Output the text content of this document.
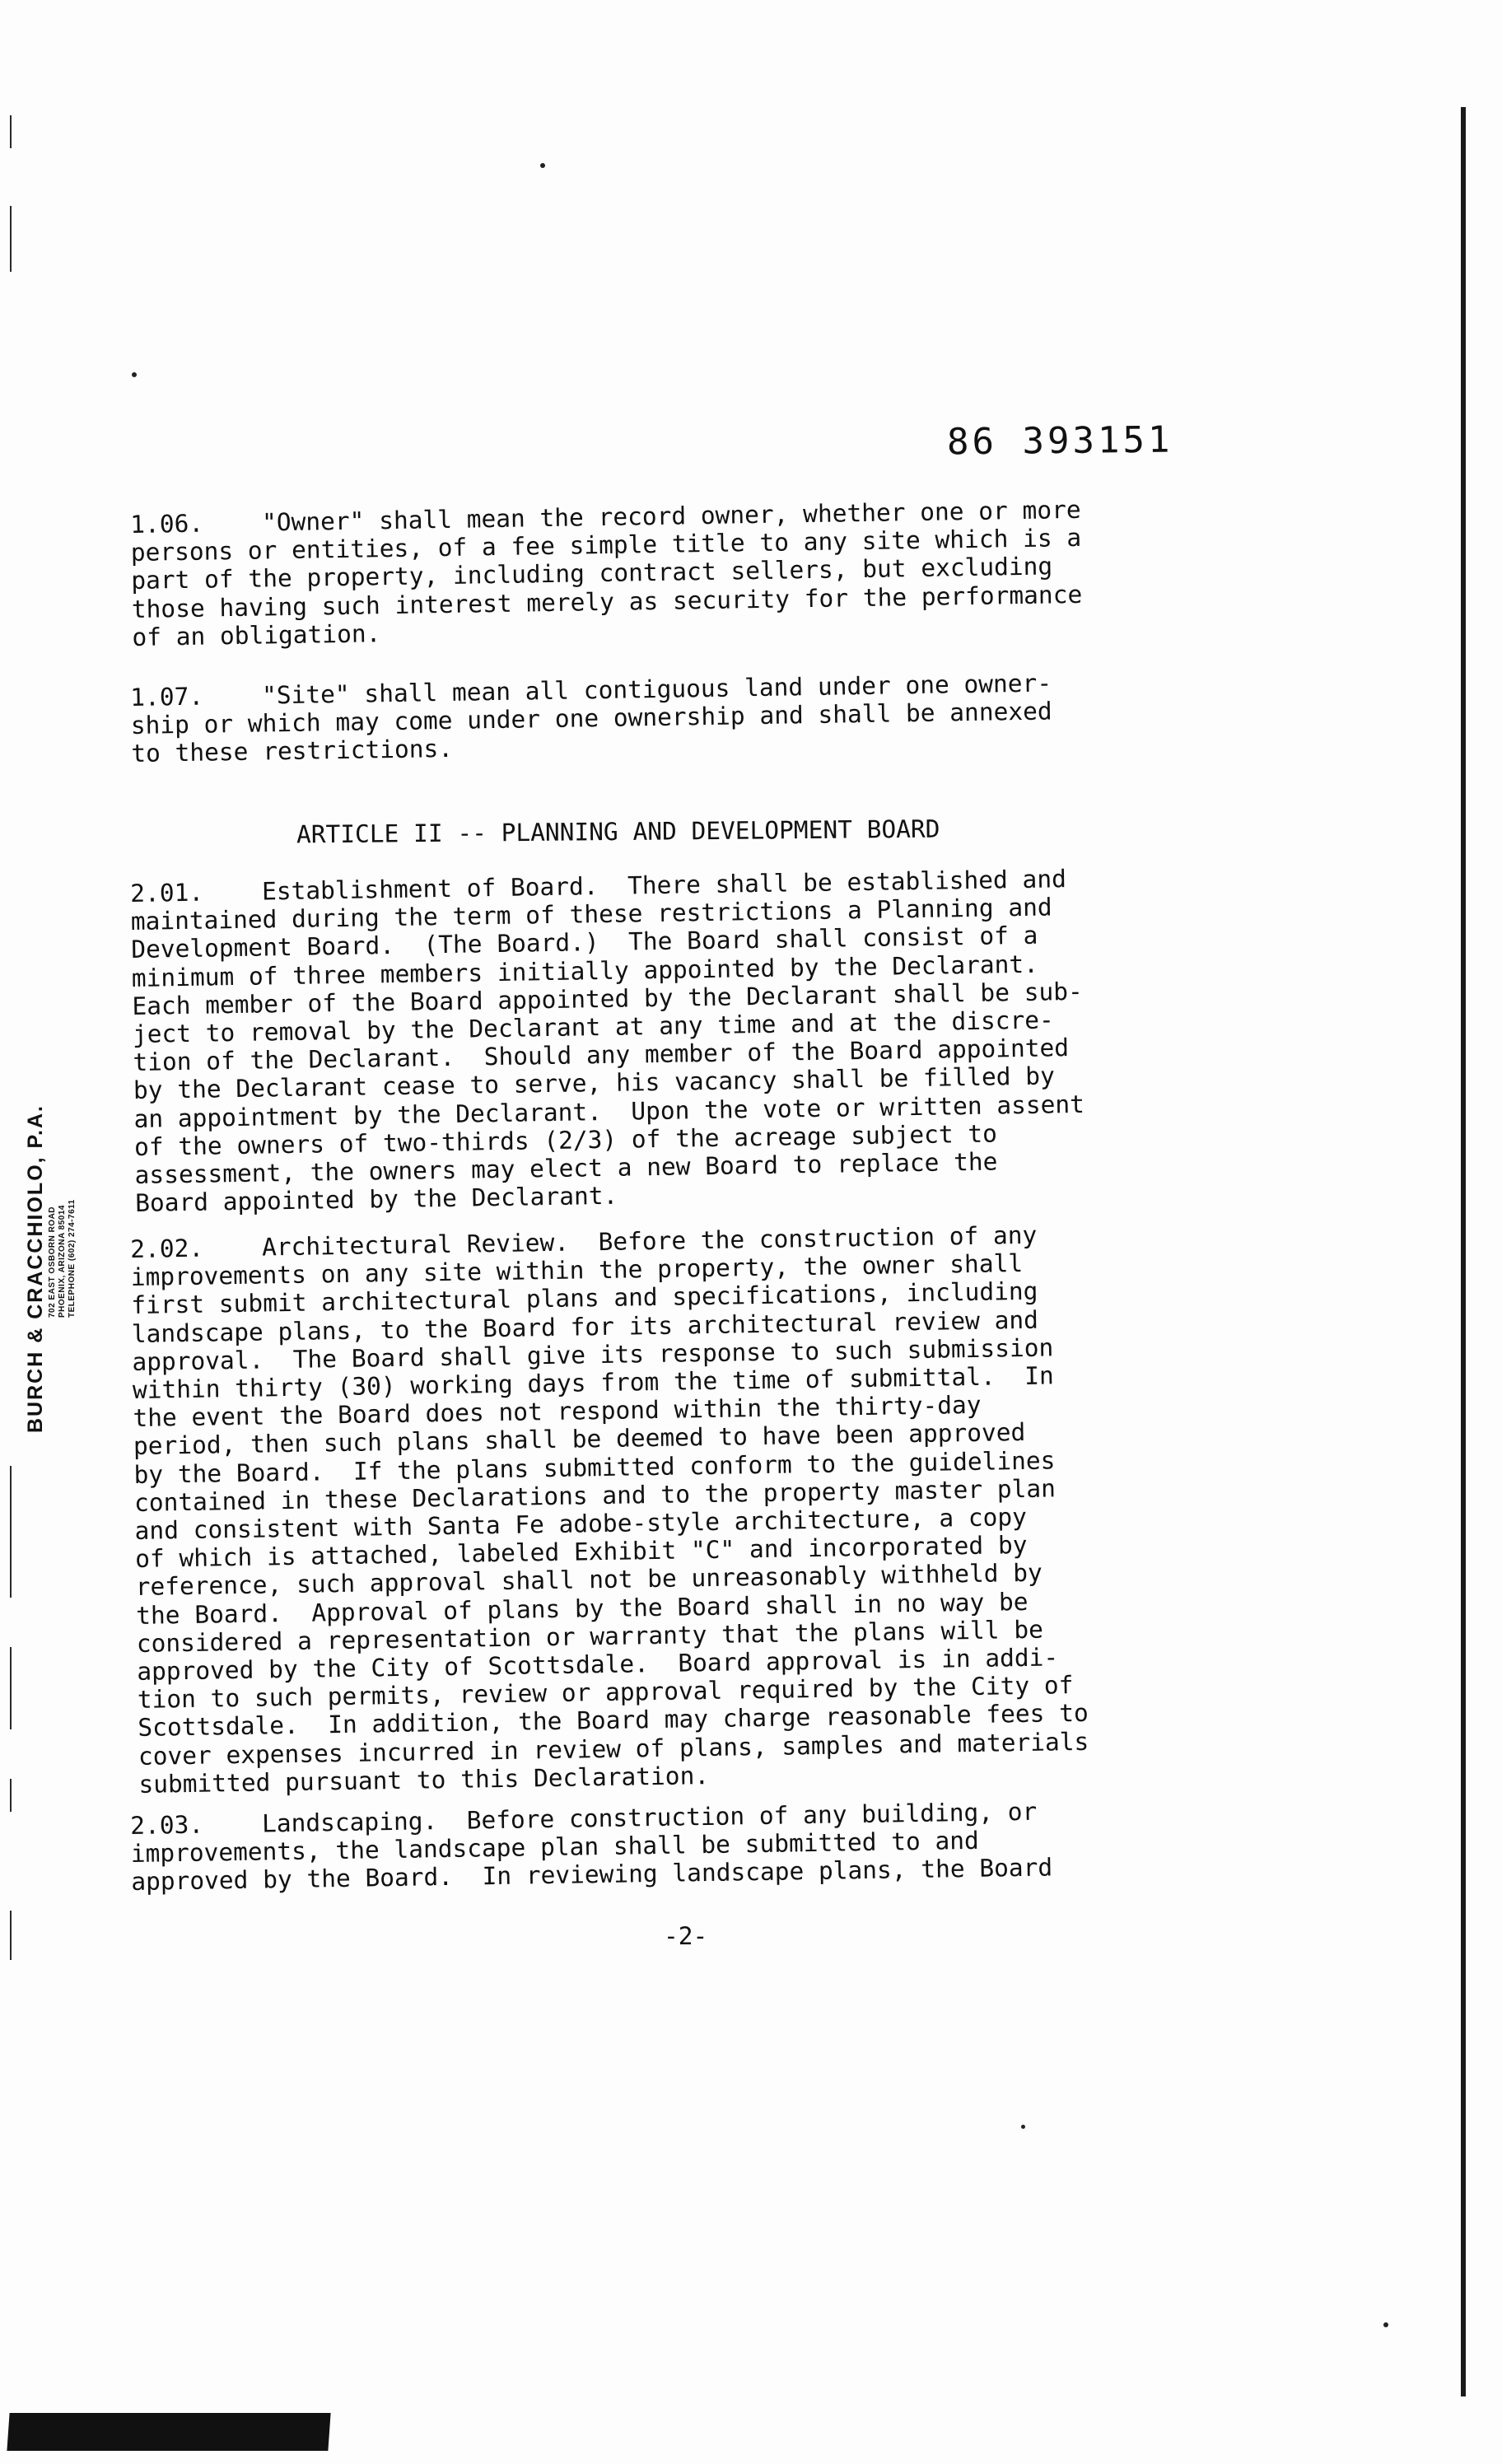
86 393151
1.06.    "Owner" shall mean the record owner, whether one or more
persons or entities, of a fee simple title to any site which is a
part of the property, including contract sellers, but excluding
those having such interest merely as security for the performance
of an obligation.
1.07.    "Site" shall mean all contiguous land under one owner-
ship or which may come under one ownership and shall be annexed
to these restrictions.
ARTICLE II -- PLANNING AND DEVELOPMENT BOARD
2.01.    Establishment of Board.  There shall be established and
maintained during the term of these restrictions a Planning and
Development Board.  (The Board.)  The Board shall consist of a
minimum of three members initially appointed by the Declarant.
Each member of the Board appointed by the Declarant shall be sub-
ject to removal by the Declarant at any time and at the discre-
tion of the Declarant.  Should any member of the Board appointed
by the Declarant cease to serve, his vacancy shall be filled by
an appointment by the Declarant.  Upon the vote or written assent
of the owners of two-thirds (2/3) of the acreage subject to
assessment, the owners may elect a new Board to replace the
Board appointed by the Declarant.
2.02.    Architectural Review.  Before the construction of any
improvements on any site within the property, the owner shall
first submit architectural plans and specifications, including
landscape plans, to the Board for its architectural review and
approval.  The Board shall give its response to such submission
within thirty (30) working days from the time of submittal.  In
the event the Board does not respond within the thirty-day
period, then such plans shall be deemed to have been approved
by the Board.  If the plans submitted conform to the guidelines
contained in these Declarations and to the property master plan
and consistent with Santa Fe adobe-style architecture, a copy
of which is attached, labeled Exhibit "C" and incorporated by
reference, such approval shall not be unreasonably withheld by
the Board.  Approval of plans by the Board shall in no way be
considered a representation or warranty that the plans will be
approved by the City of Scottsdale.  Board approval is in addi-
tion to such permits, review or approval required by the City of
Scottsdale.  In addition, the Board may charge reasonable fees to
cover expenses incurred in review of plans, samples and materials
submitted pursuant to this Declaration.
2.03.    Landscaping.  Before construction of any building, or
improvements, the landscape plan shall be submitted to and
approved by the Board.  In reviewing landscape plans, the Board
-2-
BURCH & CRACCHIOLO, P.A. 702 EAST OSBORN ROAD PHOENIX, ARIZONA 85014 TELEPHONE (602) 274-7611
